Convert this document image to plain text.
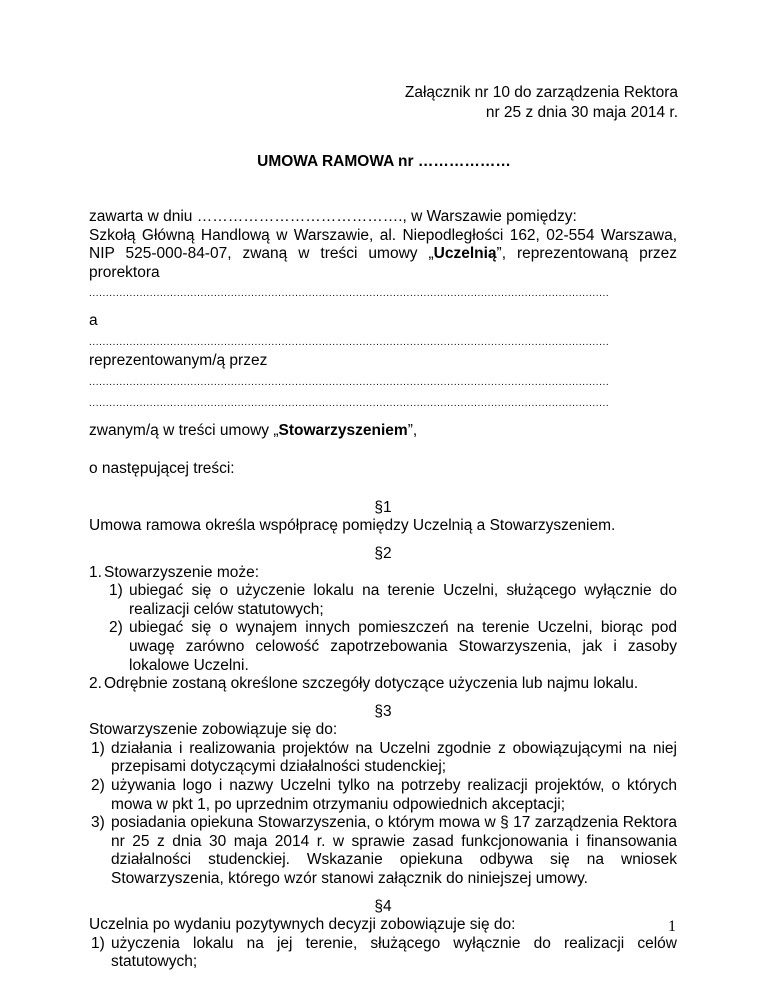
Załącznik nr 10 do zarządzenia Rektora
nr 25 z dnia 30 maja 2014 r.
UMOWA RAMOWA nr ………………
zawarta w dniu …………………………………., w Warszawie pomiędzy:
Szkołą Główną Handlową w Warszawie, al. Niepodległości 162, 02-554 Warszawa, NIP 525-000-84-07, zwaną w treści umowy „Uczelnią”, reprezentowaną przez prorektora
..........................................................................................................................................................
a
..........................................................................................................................................................
reprezentowanym/ą przez
..........................................................................................................................................................
..........................................................................................................................................................
zwanym/ą w treści umowy „Stowarzyszeniem”,
o następującej treści:
§1
Umowa ramowa określa współpracę pomiędzy Uczelnią a Stowarzyszeniem.
§2
1. Stowarzyszenie może:
1) ubiegać się o użyczenie lokalu na terenie Uczelni, służącego wyłącznie do realizacji celów statutowych;
2) ubiegać się o wynajem innych pomieszczeń na terenie Uczelni, biorąc pod uwagę zarówno celowość zapotrzebowania Stowarzyszenia, jak i zasoby lokalowe Uczelni.
2. Odrębnie zostaną określone szczegóły dotyczące użyczenia lub najmu lokalu.
§3
Stowarzyszenie zobowiązuje się do:
1) działania i realizowania projektów na Uczelni zgodnie z obowiązującymi na niej przepisami dotyczącymi działalności studenckiej;
2) używania logo i nazwy Uczelni tylko na potrzeby realizacji projektów, o których mowa w pkt 1, po uprzednim otrzymaniu odpowiednich akceptacji;
3) posiadania opiekuna Stowarzyszenia, o którym mowa w § 17 zarządzenia Rektora nr 25 z dnia 30 maja 2014 r. w sprawie zasad funkcjonowania i finansowania działalności studenckiej. Wskazanie opiekuna odbywa się na wniosek Stowarzyszenia, którego wzór stanowi załącznik do niniejszej umowy.
§4
Uczelnia po wydaniu pozytywnych decyzji zobowiązuje się do:
1) użyczenia lokalu na jej terenie, służącego wyłącznie do realizacji celów statutowych;
1
